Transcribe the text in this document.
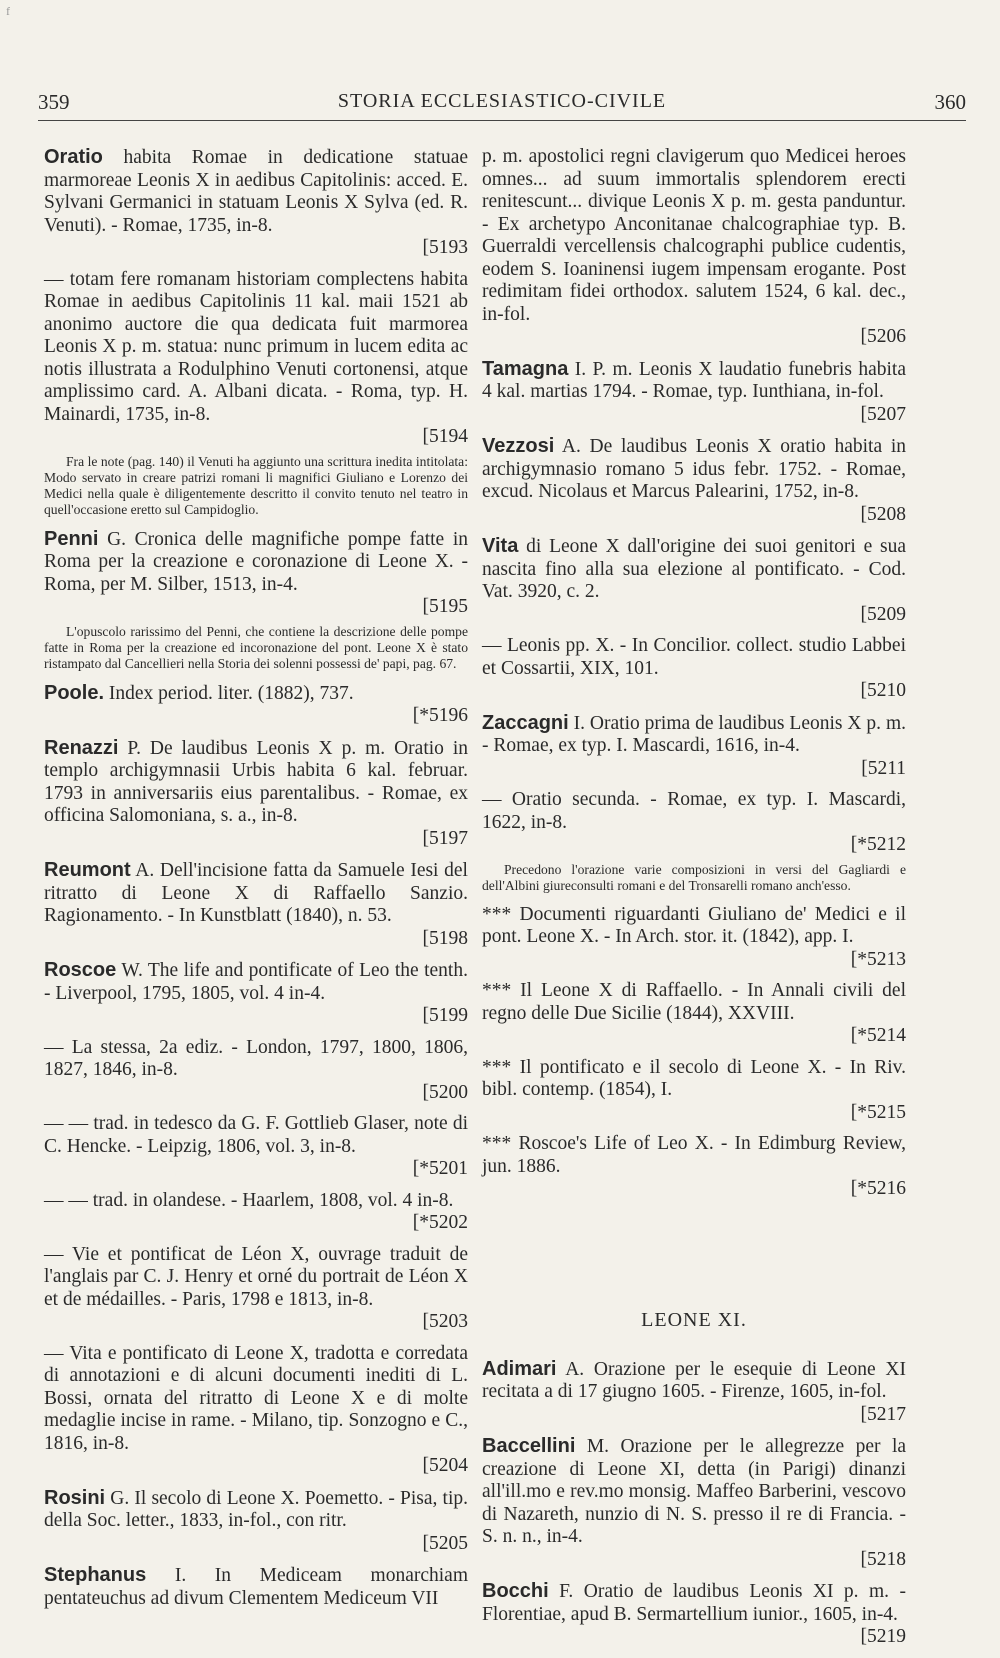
f
359	STORIA ECCLESIASTICO-CIVILE	360
Oratio habita Romae in dedicatione statuae marmoreae Leonis X in aedibus Capitolinis: acced. E. Sylvani Germanici in statuam Leonis X Sylva (ed. R. Venuti). - Romae, 1735, in-8.
[5193
— totam fere romanam historiam complectens habita Romae in aedibus Capitolinis 11 kal. maii 1521 ab anonimo auctore die qua dedicata fuit marmorea Leonis X p. m. statua: nunc primum in lucem edita ac notis illustrata a Rodulphino Venuti cortonensi, atque amplissimo card. A. Albani dicata. - Roma, typ. H. Mainardi, 1735, in-8.
[5194
Fra le note (pag. 140) il Venuti ha aggiunto una scrittura inedita intitolata: Modo servato in creare patrizi romani li magnifici Giuliano e Lorenzo dei Medici nella quale è diligentemente descritto il convito tenuto nel teatro in quell'occasione eretto sul Campidoglio.
Penni G. Cronica delle magnifiche pompe fatte in Roma per la creazione e coronazione di Leone X. - Roma, per M. Silber, 1513, in-4.
[5195
L'opuscolo rarissimo del Penni, che contiene la descrizione delle pompe fatte in Roma per la creazione ed incoronazione del pont. Leone X è stato ristampato dal Cancellieri nella Storia dei solenni possessi de' papi, pag. 67.
Poole. Index period. liter. (1882), 737.
[*5196
Renazzi P. De laudibus Leonis X p. m. Oratio in templo archigymnasii Urbis habita 6 kal. februar. 1793 in anniversariis eius parentalibus. - Romae, ex officina Salomoniana, s. a., in-8.
[5197
Reumont A. Dell'incisione fatta da Samuele Iesi del ritratto di Leone X di Raffaello Sanzio. Ragionamento. - In Kunstblatt (1840), n. 53.
[5198
Roscoe W. The life and pontificate of Leo the tenth. - Liverpool, 1795, 1805, vol. 4 in-4.
[5199
— La stessa, 2a ediz. - London, 1797, 1800, 1806, 1827, 1846, in-8.
[5200
— — trad. in tedesco da G. F. Gottlieb Glaser, note di C. Hencke. - Leipzig, 1806, vol. 3, in-8.
[*5201
— — trad. in olandese. - Haarlem, 1808, vol. 4 in-8.
[*5202
— Vie et pontificat de Léon X, ouvrage traduit de l'anglais par C. J. Henry et orné du portrait de Léon X et de médailles. - Paris, 1798 e 1813, in-8.
[5203
— Vita e pontificato di Leone X, tradotta e corredata di annotazioni e di alcuni documenti inediti di L. Bossi, ornata del ritratto di Leone X e di molte medaglie incise in rame. - Milano, tip. Sonzogno e C., 1816, in-8.
[5204
Rosini G. Il secolo di Leone X. Poemetto. - Pisa, tip. della Soc. letter., 1833, in-fol., con ritr.
[5205
Stephanus I. In Mediceam monarchiam pentateuchus ad divum Clementem Mediceum VII
p. m. apostolici regni clavigerum quo Medicei heroes omnes... ad suum immortalis splendorem erecti renitescunt... divique Leonis X p. m. gesta panduntur. - Ex archetypo Anconitanae chalcographiae typ. B. Guerraldi vercellensis chalcographi publice cudentis, eodem S. Ioaninensi iugem impensam erogante. Post redimitam fidei orthodox. salutem 1524, 6 kal. dec., in-fol.
[5206
Tamagna I. P. m. Leonis X laudatio funebris habita 4 kal. martias 1794. - Romae, typ. Iunthiana, in-fol.
[5207
Vezzosi A. De laudibus Leonis X oratio habita in archigymnasio romano 5 idus febr. 1752. - Romae, excud. Nicolaus et Marcus Palearini, 1752, in-8.
[5208
Vita di Leone X dall'origine dei suoi genitori e sua nascita fino alla sua elezione al pontificato. - Cod. Vat. 3920, c. 2.
[5209
— Leonis pp. X. - In Concilior. collect. studio Labbei et Cossartii, XIX, 101.
[5210
Zaccagni I. Oratio prima de laudibus Leonis X p. m. - Romae, ex typ. I. Mascardi, 1616, in-4.
[5211
— Oratio secunda. - Romae, ex typ. I. Mascardi, 1622, in-8.
[*5212
Precedono l'orazione varie composizioni in versi del Gagliardi e dell'Albini giureconsulti romani e del Tronsarelli romano anch'esso.
*** Documenti riguardanti Giuliano de' Medici e il pont. Leone X. - In Arch. stor. it. (1842), app. I.
[*5213
*** Il Leone X di Raffaello. - In Annali civili del regno delle Due Sicilie (1844), XXVIII.
[*5214
*** Il pontificato e il secolo di Leone X. - In Riv. bibl. contemp. (1854), I.
[*5215
*** Roscoe's Life of Leo X. - In Edimburg Review, jun. 1886.
[*5216
LEONE XI.
Adimari A. Orazione per le esequie di Leone XI recitata a di 17 giugno 1605. - Firenze, 1605, in-fol.
[5217
Baccellini M. Orazione per le allegrezze per la creazione di Leone XI, detta (in Parigi) dinanzi all'ill.mo e rev.mo monsig. Maffeo Barberini, vescovo di Nazareth, nunzio di N. S. presso il re di Francia. - S. n. n., in-4.
[5218
Bocchi F. Oratio de laudibus Leonis XI p. m. - Florentiae, apud B. Sermartellium iunior., 1605, in-4.
[5219
